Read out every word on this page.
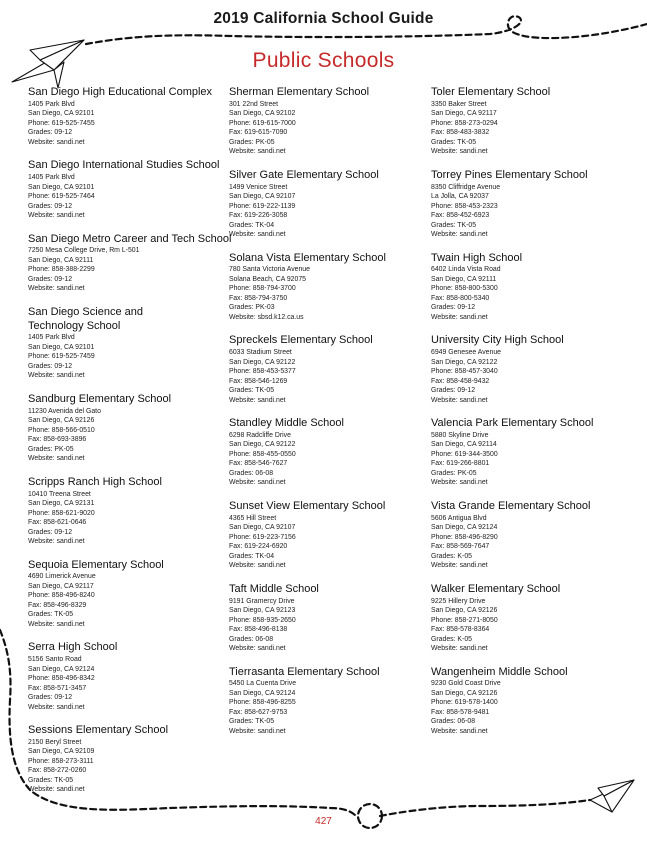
2019 California School Guide
Public Schools
San Diego High Educational Complex
1405 Park Blvd
San Diego, CA 92101
Phone: 619-525-7455
Grades: 09-12
Website: sandi.net
San Diego International Studies School
1405 Park Blvd
San Diego, CA 92101
Phone: 619-525-7464
Grades: 09-12
Website: sandi.net
San Diego Metro Career and Tech School
7250 Mesa College Drive, Rm L-501
San Diego, CA 92111
Phone: 858-388-2299
Grades: 09-12
Website: sandi.net
San Diego Science and
Technology School
1405 Park Blvd
San Diego, CA 92101
Phone: 619-525-7459
Grades: 09-12
Website: sandi.net
Sandburg Elementary School
11230 Avenida del Gato
San Diego, CA 92126
Phone: 858-566-0510
Fax: 858-693-3896
Grades: PK-05
Website: sandi.net
Scripps Ranch High School
10410 Treena Street
San Diego, CA 92131
Phone: 858-621-9020
Fax: 858-621-0646
Grades: 09-12
Website: sandi.net
Sequoia Elementary School
4690 Limerick Avenue
San Diego, CA 92117
Phone: 858-496-8240
Fax: 858-496-8329
Grades: TK-05
Website: sandi.net
Serra High School
5156 Santo Road
San Diego, CA 92124
Phone: 858-496-8342
Fax: 858-571-3457
Grades: 09-12
Website: sandi.net
Sessions Elementary School
2150 Beryl Street
San Diego, CA 92109
Phone: 858-273-3111
Fax: 858-272-0260
Grades: TK-05
Website: sandi.net
Sherman Elementary School
301 22nd Street
San Diego, CA 92102
Phone: 619-615-7000
Fax: 619-615-7090
Grades: PK-05
Website: sandi.net
Silver Gate Elementary School
1499 Venice Street
San Diego, CA 92107
Phone: 619-222-1139
Fax: 619-226-3058
Grades: TK-04
Website: sandi.net
Solana Vista Elementary School
780 Santa Victoria Avenue
Solana Beach, CA 92075
Phone: 858-794-3700
Fax: 858-794-3750
Grades: PK-03
Website: sbsd.k12.ca.us
Spreckels Elementary School
6033 Stadium Street
San Diego, CA 92122
Phone: 858-453-5377
Fax: 858-546-1269
Grades: TK-05
Website: sandi.net
Standley Middle School
6298 Radcliffe Drive
San Diego, CA 92122
Phone: 858-455-0550
Fax: 858-546-7627
Grades: 06-08
Website: sandi.net
Sunset View Elementary School
4365 Hill Street
San Diego, CA 92107
Phone: 619-223-7156
Fax: 619-224-6920
Grades: TK-04
Website: sandi.net
Taft Middle School
9191 Gramercy Drive
San Diego, CA 92123
Phone: 858-935-2650
Fax: 858-496-8138
Grades: 06-08
Website: sandi.net
Tierrasanta Elementary School
5450 La Cuenta Drive
San Diego, CA 92124
Phone: 858-496-8255
Fax: 858-627-9753
Grades: TK-05
Website: sandi.net
Toler Elementary School
3350 Baker Street
San Diego, CA 92117
Phone: 858-273-0294
Fax: 858-483-3832
Grades: TK-05
Website: sandi.net
Torrey Pines Elementary School
8350 Cliffridge Avenue
La Jolla, CA 92037
Phone: 858-453-2323
Fax: 858-452-6923
Grades: TK-05
Website: sandi.net
Twain High School
6402 Linda Vista Road
San Diego, CA 92111
Phone: 858-800-5300
Fax: 858-800-5340
Grades: 09-12
Website: sandi.net
University City High School
6949 Genesee Avenue
San Diego, CA 92122
Phone: 858-457-3040
Fax: 858-458-9432
Grades: 09-12
Website: sandi.net
Valencia Park Elementary School
5880 Skyline Drive
San Diego, CA 92114
Phone: 619-344-3500
Fax: 619-266-8801
Grades: PK-05
Website: sandi.net
Vista Grande Elementary School
5606 Antigua Blvd
San Diego, CA 92124
Phone: 858-496-8290
Fax: 858-569-7647
Grades: K-05
Website: sandi.net
Walker Elementary School
9225 Hillery Drive
San Diego, CA 92126
Phone: 858-271-8050
Fax: 858-578-8364
Grades: K-05
Website: sandi.net
Wangenheim Middle School
9230 Gold Coast Drive
San Diego, CA 92126
Phone: 619-578-1400
Fax: 858-578-9481
Grades: 06-08
Website: sandi.net
427
